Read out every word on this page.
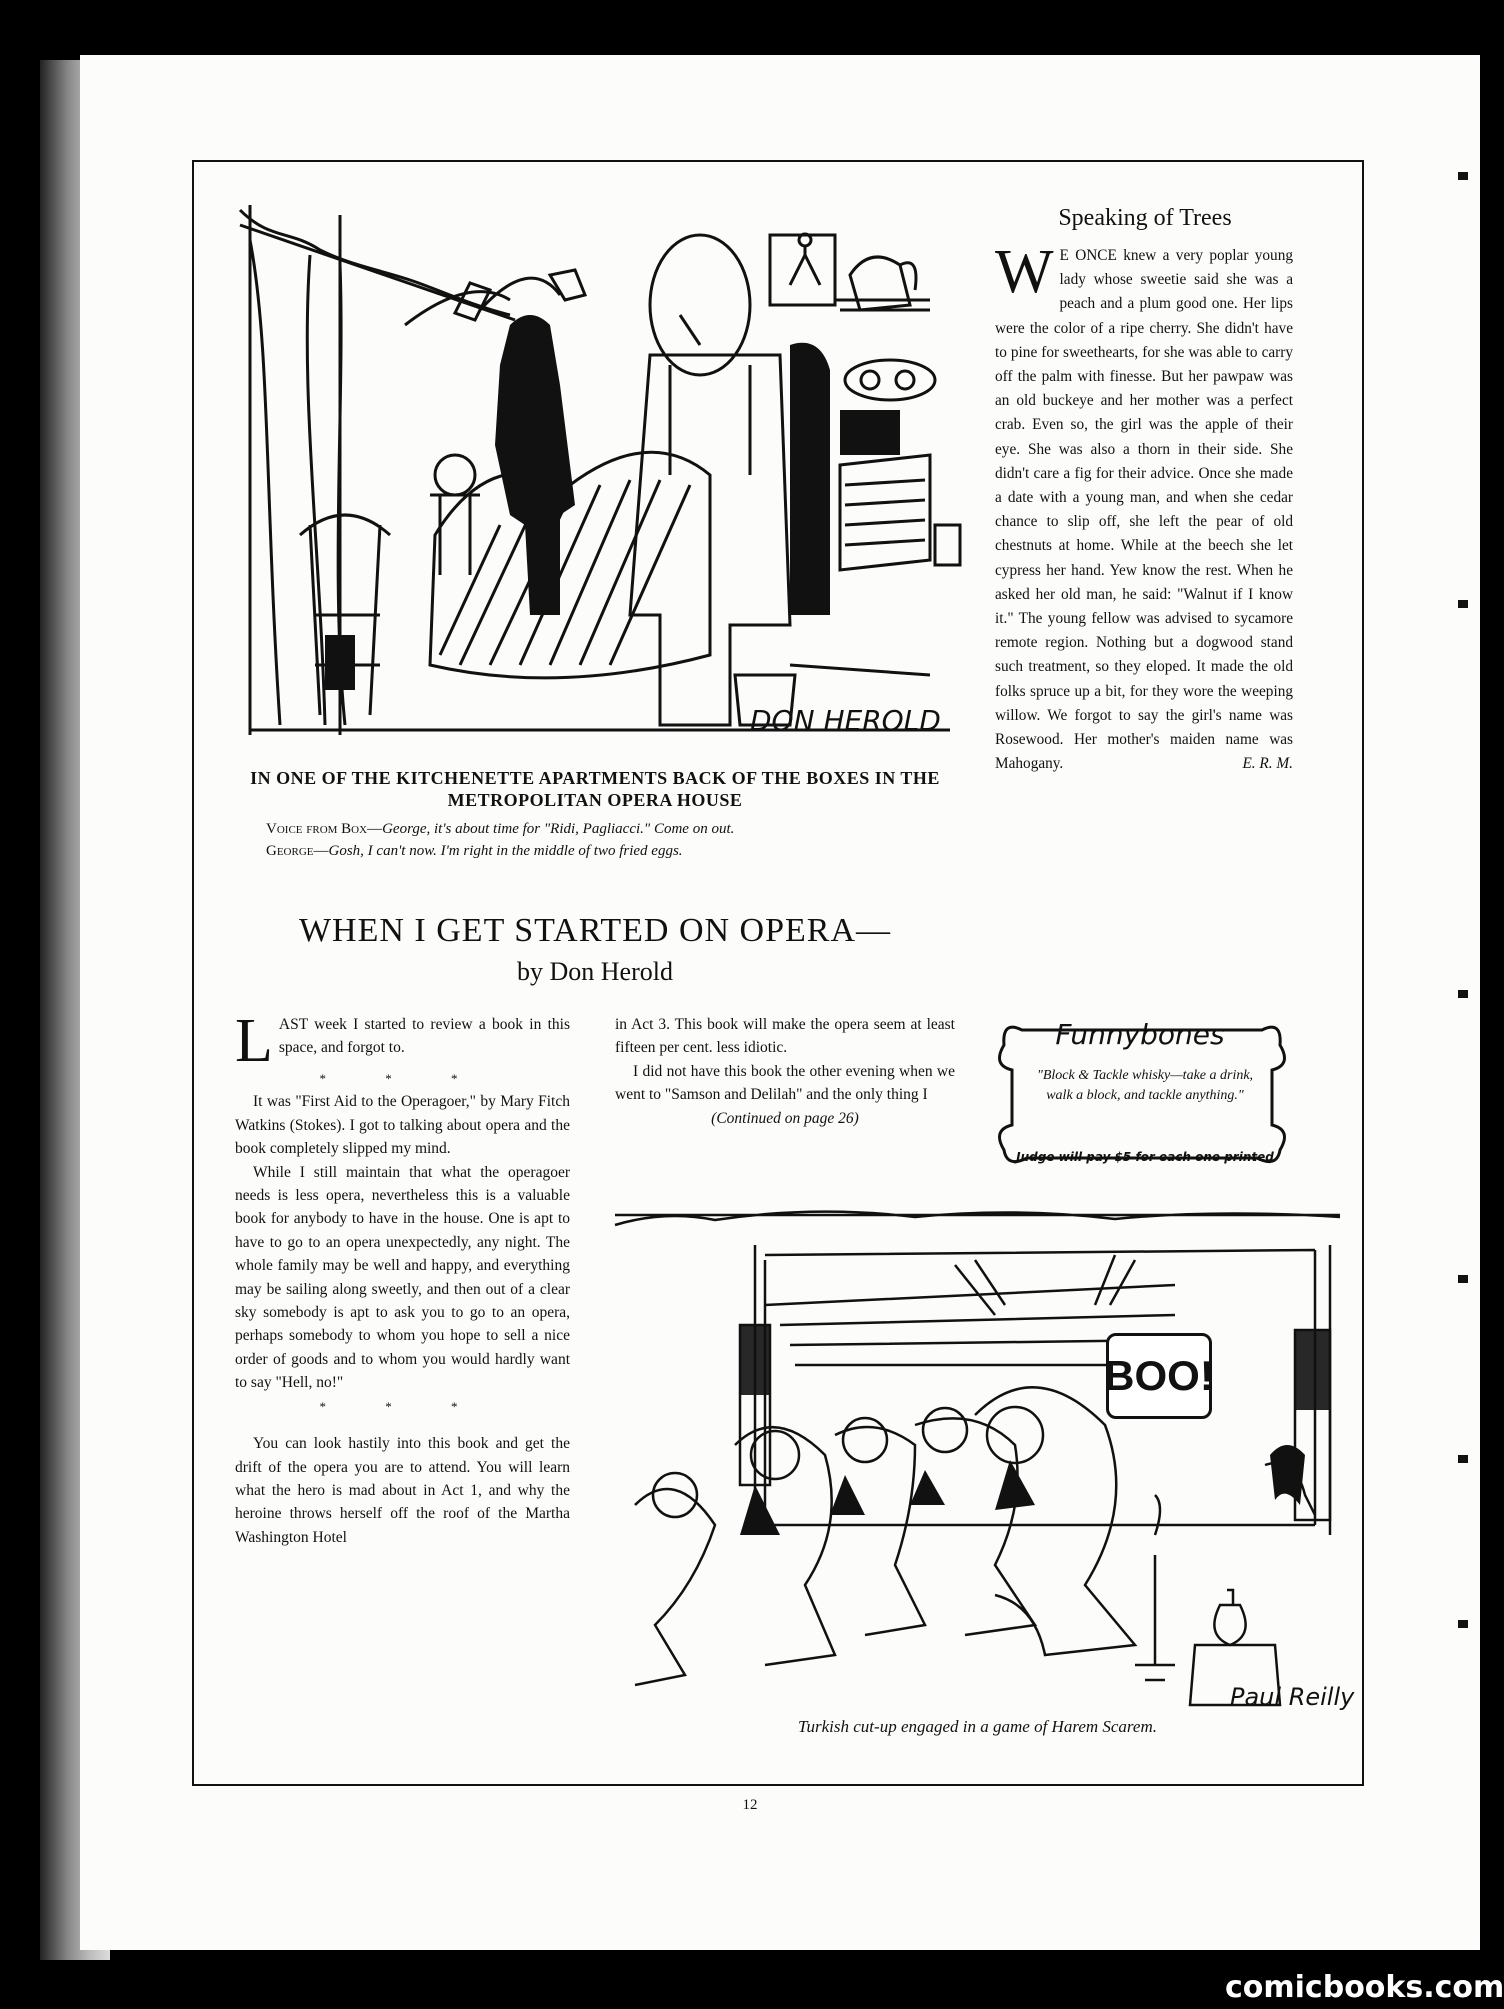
DON HEROLD
IN ONE OF THE KITCHENETTE APARTMENTS BACK OF THE BOXES IN THE METROPOLITAN OPERA HOUSE
Voice from Box—George, it's about time for "Ridi, Pagliacci." Come on out.
George—Gosh, I can't now. I'm right in the middle of two fried eggs.
WHEN I GET STARTED ON OPERA—
by Don Herold
Speaking of Trees
W E ONCE knew a very poplar young lady whose sweetie said she was a peach and a plum good one. Her lips were the color of a ripe cherry. She didn't have to pine for sweethearts, for she was able to carry off the palm with finesse. But her pawpaw was an old buckeye and her mother was a perfect crab. Even so, the girl was the apple of their eye. She was also a thorn in their side. She didn't care a fig for their advice. Once she made a date with a young man, and when she cedar chance to slip off, she left the pear of old chestnuts at home. While at the beech she let cypress her hand. Yew know the rest. When he asked her old man, he said: "Walnut if I know it." The young fellow was advised to sycamore remote region. Nothing but a dogwood stand such treatment, so they eloped. It made the old folks spruce up a bit, for they wore the weeping willow. We forgot to say the girl's name was Rosewood. Her mother's maiden name was Mahogany.	E. R. M.

LAST week I started to review a book in this space, and forgot to.

* * *

It was "First Aid to the Operagoer," by Mary Fitch Watkins (Stokes). I got to talking about opera and the book completely slipped my mind.

While I still maintain that what the operagoer needs is less opera, nevertheless this is a valuable book for anybody to have in the house. One is apt to have to go to an opera unexpectedly, any night. The whole family may be well and happy, and everything may be sailing along sweetly, and then out of a clear sky somebody is apt to ask you to go to an opera, perhaps somebody to whom you hope to sell a nice order of goods and to whom you would hardly want to say "Hell, no!"

* * *

You can look hastily into this book and get the drift of the opera you are to attend. You will learn what the hero is mad about in Act 1, and why the heroine throws herself off the roof of the Martha Washington Hotel

in Act 3. This book will make the opera seem at least fifteen per cent. less idiotic.

I did not have this book the other evening when we went to "Samson and Delilah" and the only thing I

(Continued on page 26)
Funnybones
"Block & Tackle whisky—take a drink, walk a block, and tackle anything."
Judge will pay $5 for each one printed
Paul Reilly
BOO!
Turkish cut-up engaged in a game of Harem Scarem.
12
comicbooks.com
